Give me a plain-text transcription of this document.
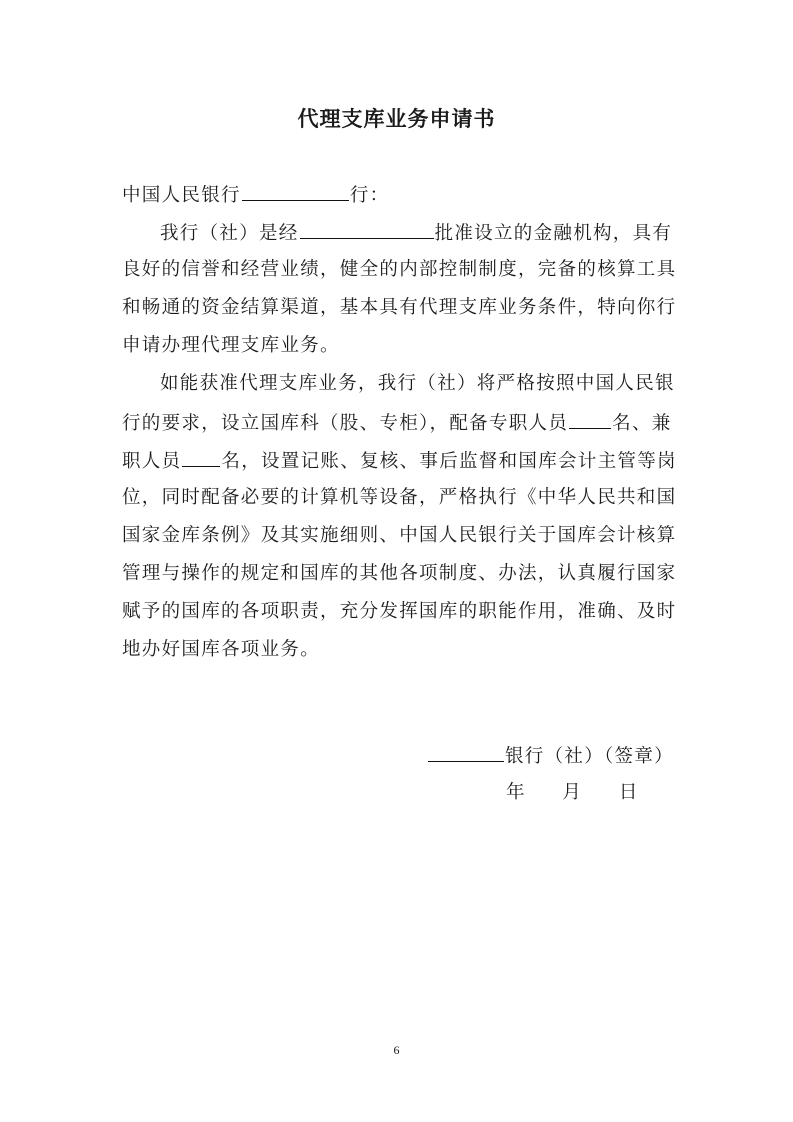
代理支库业务申请书
中国人民银行	行：
我行（社）是经	批准设立的金融机构，具有
良好的信誉和经营业绩，健全的内部控制制度，完备的核算工具
和畅通的资金结算渠道，基本具有代理支库业务条件，特向你行
申请办理代理支库业务。
如能获准代理支库业务，我行（社）将严格按照中国人民银
行的要求，设立国库科（股、专柜），配备专职人员 名、兼
职人员 名，设置记账、复核、事后监督和国库会计主管等岗
位，同时配备必要的计算机等设备，严格执行《中华人民共和国
国家金库条例》及其实施细则、中国人民银行关于国库会计核算
管理与操作的规定和国库的其他各项制度、办法，认真履行国家
赋予的国库的各项职责，充分发挥国库的职能作用，准确、及时
地办好国库各项业务。
银行（社）（签章）
年 月 日
6
